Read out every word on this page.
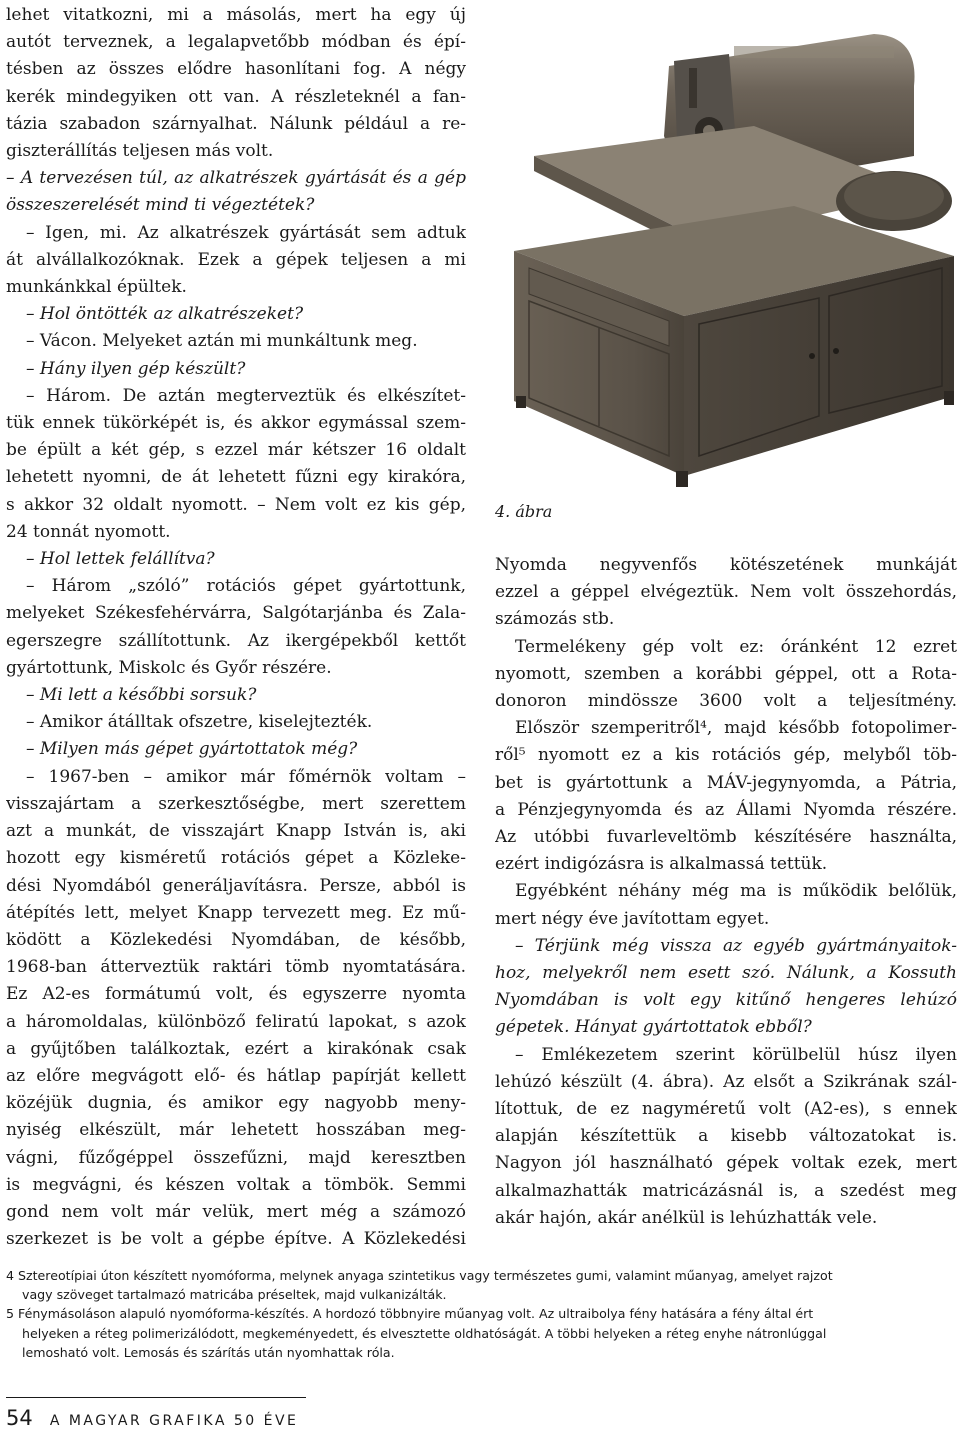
lehet vitatkozni, mi a másolás, mert ha egy új
autót terveznek, a legalapvetőbb módban és épí-
tésben az összes elődre hasonlítani fog. A négy
kerék mindegyiken ott van. A részleteknél a fan-
tázia szabadon szárnyalhat. Nálunk például a re-
giszterállítás teljesen más volt.
– A tervezésen túl, az alkatrészek gyártását és a gép
összeszerelését mind ti végeztétek?
– Igen, mi. Az alkatrészek gyártását sem adtuk
át alvállalkozóknak. Ezek a gépek teljesen a mi
munkánkkal épültek.
– Hol öntötték az alkatrészeket?
– Vácon. Melyeket aztán mi munkáltunk meg.
– Hány ilyen gép készült?
– Három. De aztán megterveztük és elkészítet-
tük ennek tükörképét is, és akkor egymással szem-
be épült a két gép, s ezzel már kétszer 16 oldalt
lehetett nyomni, de át lehetett fűzni egy kirakóra,
s akkor 32 oldalt nyomott. – Nem volt ez kis gép,
24 tonnát nyomott.
– Hol lettek felállítva?
– Három „szóló” rotációs gépet gyártottunk,
melyeket Székesfehérvárra, Salgótarjánba és Zala-
egerszegre szállítottunk. Az ikergépekből kettőt
gyártottunk, Miskolc és Győr részére.
– Mi lett a későbbi sorsuk?
– Amikor átálltak ofszetre, kiselejtezték.
– Milyen más gépet gyártottatok még?
– 1967-ben – amikor már főmérnök voltam –
visszajártam a szerkesztőségbe, mert szerettem
azt a munkát, de visszajárt Knapp István is, aki
hozott egy kisméretű rotációs gépet a Közleke-
dési Nyomdából generáljavításra. Persze, abból is
átépítés lett, melyet Knapp tervezett meg. Ez mű-
ködött a Közlekedési Nyomdában, de később,
1968-ban átterveztük raktári tömb nyomtatására.
Ez A2-es formátumú volt, és egyszerre nyomta
a háromoldalas, különböző feliratú lapokat, s azok
a gyűjtőben találkoztak, ezért a kirakónak csak
az előre megvágott elő- és hátlap papírját kellett
közéjük dugnia, és amikor egy nagyobb meny-
nyiség elkészült, már lehetett hosszában meg-
vágni, fűzőgéppel összefűzni, majd keresztben
is megvágni, és készen voltak a tömbök. Semmi
gond nem volt már velük, mert még a számozó
szerkezet is be volt a gépbe építve. A Közlekedési
4. ábra
Nyomda negyvenfős kötészetének munkáját
ezzel a géppel elvégeztük. Nem volt összehordás,
számozás stb.
Termelékeny gép volt ez: óránként 12 ezret
nyomott, szemben a korábbi géppel, ott a Rota-
donoron mindössze 3600 volt a teljesítmény.
Először szemperitről⁴, majd később fotopolimer-
ről⁵ nyomott ez a kis rotációs gép, melyből töb-
bet is gyártottunk a MÁV-jegynyomda, a Pátria,
a Pénzjegynyomda és az Állami Nyomda részére.
Az utóbbi fuvarleveltömb készítésére használta,
ezért indigózásra is alkalmassá tettük.
Egyébként néhány még ma is működik belőlük,
mert négy éve javítottam egyet.
– Térjünk még vissza az egyéb gyártmányaitok-
hoz, melyekről nem esett szó. Nálunk, a Kossuth
Nyomdában is volt egy kitűnő hengeres lehúzó
gépetek. Hányat gyártottatok ebből?
– Emlékezetem szerint körülbelül húsz ilyen
lehúzó készült (4. ábra). Az elsőt a Szikrának szál-
lítottuk, de ez nagyméretű volt (A2-es), s ennek
alapján készítettük a kisebb változatokat is.
Nagyon jól használható gépek voltak ezek, mert
alkalmazhatták matricázásnál is, a szedést meg
akár hajón, akár anélkül is lehúzhatták vele.
4 Sztereotípiai úton készített nyomóforma, melynek anyaga szintetikus vagy természetes gumi, valamint műanyag, amelyet rajzot
vagy szöveget tartalmazó matricába préseltek, majd vulkanizálták.
5 Fénymásoláson alapuló nyomóforma-készítés. A hordozó többnyire műanyag volt. Az ultraibolya fény hatására a fény által ért
helyeken a réteg polimerizálódott, megkeményedett, és elvesztette oldhatóságát. A többi helyeken a réteg enyhe nátronlúggal
lemosható volt. Lemosás és szárítás után nyomhattak róla.
54 A MAGYAR GRAFIKA 50 ÉVE
